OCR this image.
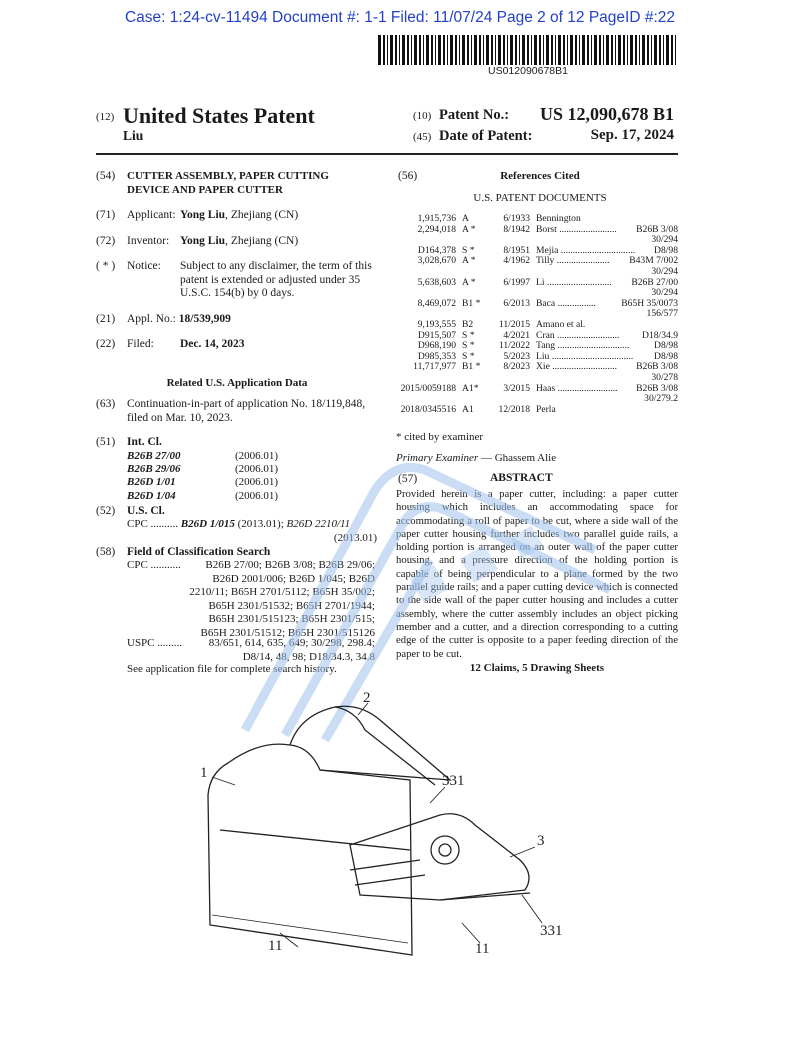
Case: 1:24-cv-11494 Document #: 1-1 Filed: 11/07/24 Page 2 of 12 PageID #:22
US012090678B1
(12) United States Patent
Liu
(10) Patent No.: US 12,090,678 B1
(45) Date of Patent:	Sep. 17, 2024
(54) CUTTER ASSEMBLY, PAPER CUTTING
DEVICE AND PAPER CUTTER
(71) Applicant: Yong Liu, Zhejiang (CN)
(72) Inventor: Yong Liu, Zhejiang (CN)
( * ) Notice: Subject to any disclaimer, the term of this
patent is extended or adjusted under 35
U.S.C. 154(b) by 0 days.
(21) Appl. No.: 18/539,909
(22) Filed: Dec. 14, 2023
Related U.S. Application Data
(63) Continuation-in-part of application No. 18/119,848,
filed on Mar. 10, 2023.
(51) Int. Cl.
B26B 27/00	(2006.01)
B26B 29/06	(2006.01)
B26D 1/01	(2006.01)
B26D 1/04	(2006.01)
(52) U.S. Cl.
CPC .......... B26D 1/015 (2013.01); B26D 2210/11
(2013.01)
(58) Field of Classification Search
CPC ...........	B26B 27/00; B26B 3/08; B26B 29/06;
B26D 2001/006; B26D 1/045; B26D
2210/11; B65H 2701/5112; B65H 35/002;
B65H 2301/51532; B65H 2701/1944;
B65H 2301/515123; B65H 2301/515;
B65H 2301/51512; B65H 2301/515126
USPC .........	83/651, 614, 635, 649; 30/298, 298.4;
D8/14, 48, 98; D18/34.3, 34.8
See application file for complete search history.
(56)	References Cited
U.S. PATENT DOCUMENTS
1,915,736 A	6/1933 Bennington
2,294,018 A *	8/1942 Borst ........................	B26B 3/08
30/294
D164,378 S *	8/1951 Mejia ...............................	D8/98
3,028,670 A *	4/1962 Tilly ......................	B43M 7/002
30/294
5,638,603 A *	6/1997 Li ...........................	B26B 27/00
30/294
8,469,072 B1 *	6/2013 Baca ................	B65H 35/0073
156/577
9,193,555 B2	11/2015 Amano et al.
D915,507 S *	4/2021 Cran ..........................	D18/34.9
D968,190 S *	11/2022 Tang ..............................	D8/98
D985,353 S *	5/2023 Liu ..................................	D8/98
11,717,977 B1 *	8/2023 Xie ...........................	B26B 3/08
30/278
2015/0059188 A1*	3/2015 Haas .........................	B26B 3/08
30/279.2
2018/0345516 A1	12/2018 Perla
* cited by examiner
Primary Examiner — Ghassem Alie
(57)	ABSTRACT
Provided herein is a paper cutter, including: a paper cutter housing which includes an accommodating space for accommodating a roll of paper to be cut, where a side wall of the paper cutter housing further includes two parallel guide rails, a holding portion is arranged on an outer wall of the paper cutter housing, and a pressure direction of the holding portion is capable of being perpendicular to a plane formed by the two parallel guide rails; and a paper cutting device which is connected to the side wall of the paper cutter housing and includes a cutter assembly, where the cutter assembly includes an object picking member and a cutter, and a direction corresponding to a cutting edge of the cutter is opposite to a paper feeding direction of the paper to be cut.
12 Claims, 5 Drawing Sheets
1
2
331
3
331
11	11
